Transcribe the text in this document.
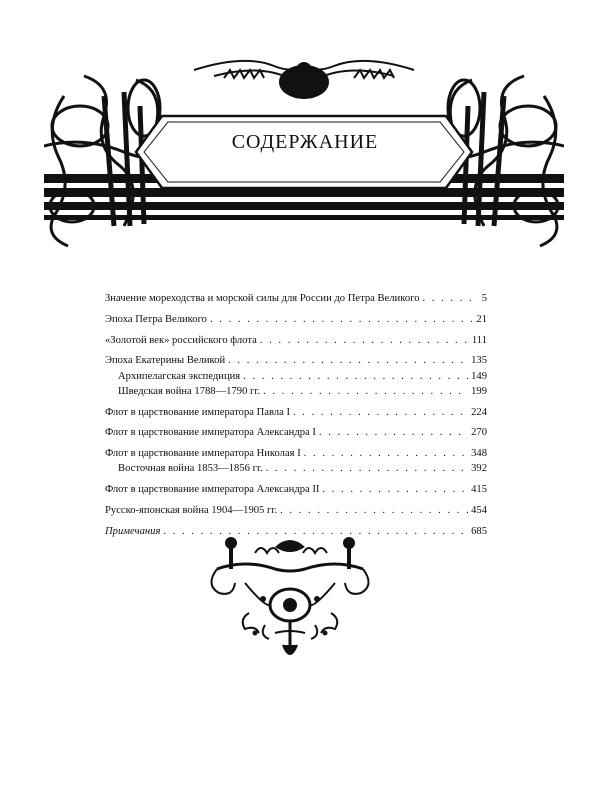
СОДЕРЖАНИЕ
Значение мореходства и морской силы для России до Петра Великого . . .	5
Эпоха Петра Великого . . .	21
«Золотой век» российского флота . . .	111
Эпоха Екатерины Великой . . .	135
Архипелагская экспедиция . . .	149
Шведская война 1788—1790 гг. . . .	199
Флот в царствование императора Павла I . . .	224
Флот в царствование императора Александра I . . .	270
Флот в царствование императора Николая I . . .	348
Восточная война 1853—1856 гг. . . .	392
Флот в царствование императора Александра II . . .	415
Русско-японская война 1904—1905 гг. . . .	454
Примечания . . .	685
